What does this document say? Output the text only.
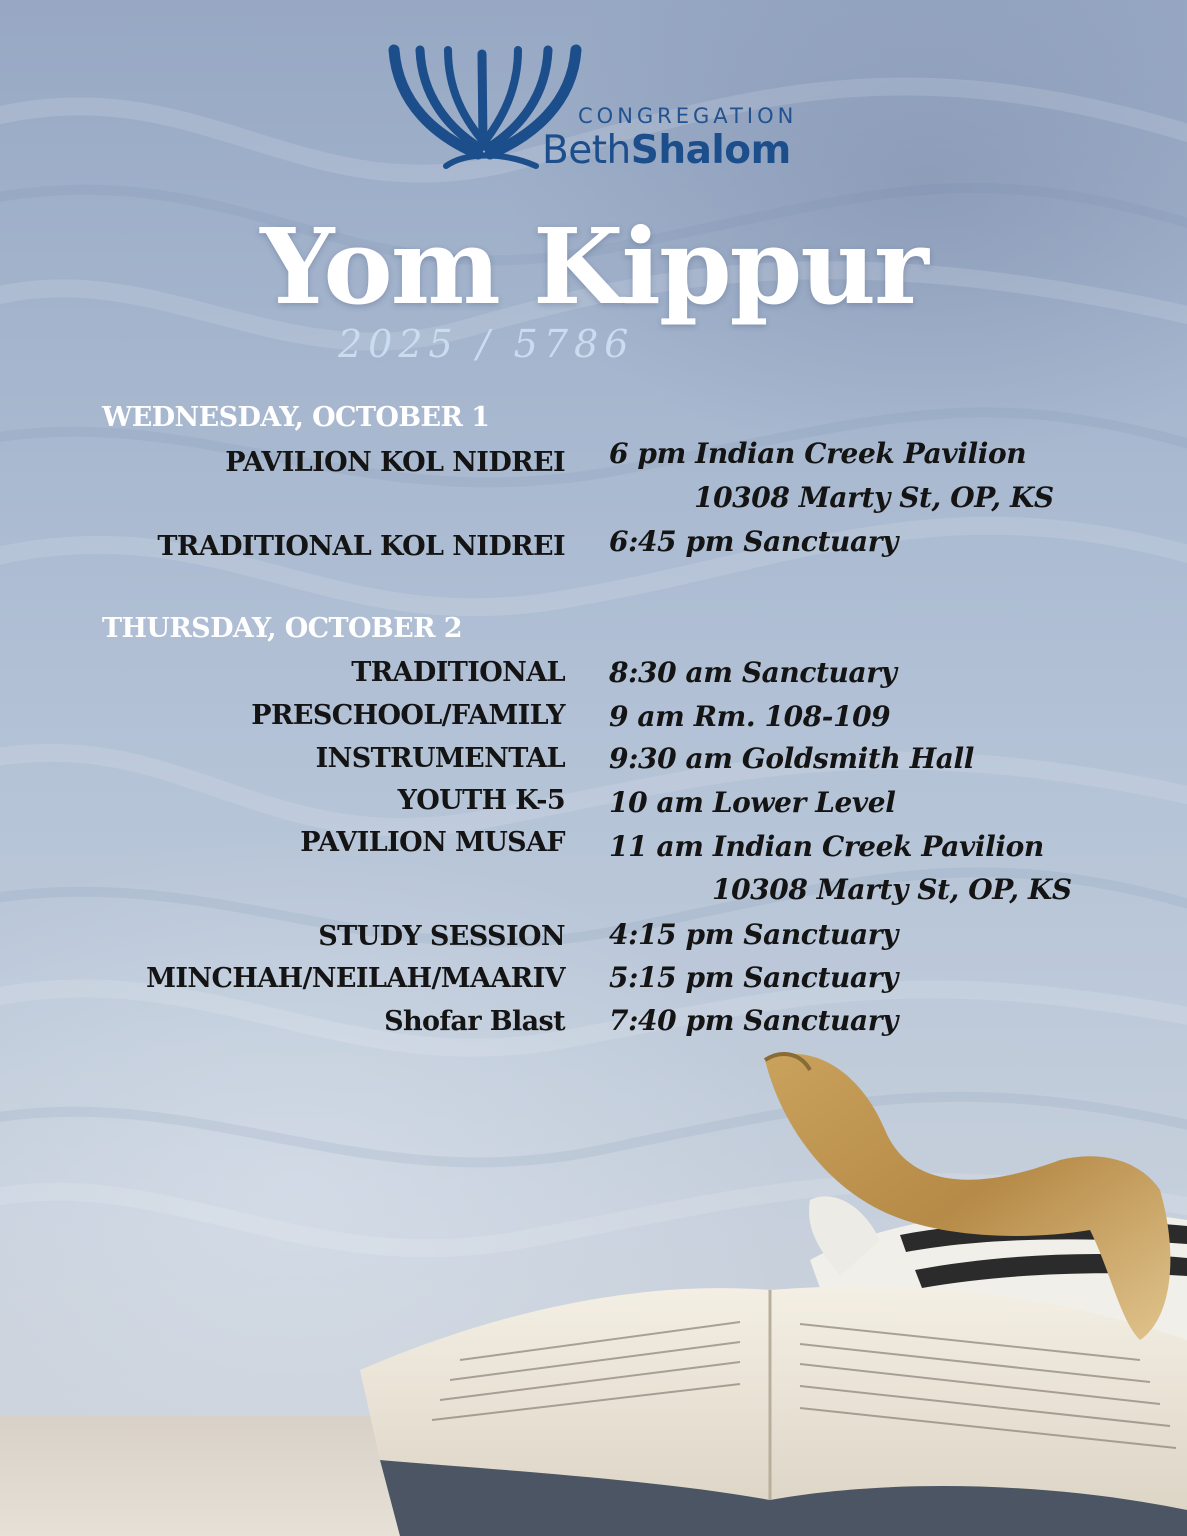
CONGREGATION
BethShalom
Yom Kippur
2025 / 5786
WEDNESDAY, OCTOBER 1
PAVILION KOL NIDREI 6 pm Indian Creek Pavilion
10308 Marty St, OP, KS
TRADITIONAL KOL NIDREI 6:45 pm Sanctuary
THURSDAY, OCTOBER 2
TRADITIONAL 8:30 am Sanctuary
PRESCHOOL/FAMILY 9 am Rm. 108-109
INSTRUMENTAL 9:30 am Goldsmith Hall
YOUTH K-5 10 am Lower Level
PAVILION MUSAF 11 am Indian Creek Pavilion
10308 Marty St, OP, KS
STUDY SESSION 4:15 pm Sanctuary
MINCHAH/NEILAH/MAARIV 5:15 pm Sanctuary
Shofar Blast 7:40 pm Sanctuary
